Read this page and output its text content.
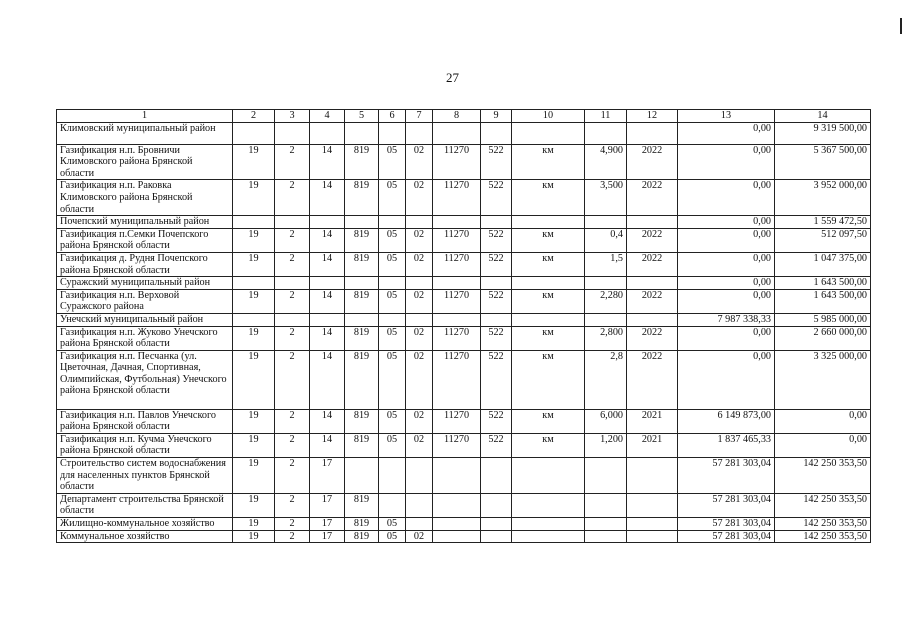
27
1	2	3	4	5	6	7	8	9	10	11	12	13	14
Климовский муниципальный район												0,00	9 319 500,00
Газификация н.п. Бровничи Климовского района Брянской области	19	2	14	819	05	02	11270	522	км	4,900	2022	0,00	5 367 500,00
Газификация н.п. Раковка Климовского района Брянской области	19	2	14	819	05	02	11270	522	км	3,500	2022	0,00	3 952 000,00
Почепский муниципальный район												0,00	1 559 472,50
Газификация п.Семки Почепского района Брянской области	19	2	14	819	05	02	11270	522	км	0,4	2022	0,00	512 097,50
Газификация д. Рудня Почепского района Брянской области	19	2	14	819	05	02	11270	522	км	1,5	2022	0,00	1 047 375,00
Суражский муниципальный район												0,00	1 643 500,00
Газификация н.п. Верховой Суражского района	19	2	14	819	05	02	11270	522	км	2,280	2022	0,00	1 643 500,00
Унечский муниципальный район												7 987 338,33	5 985 000,00
Газификация н.п. Жуково Унечского района Брянской области	19	2	14	819	05	02	11270	522	км	2,800	2022	0,00	2 660 000,00
Газификация н.п. Песчанка (ул. Цветочная, Дачная, Спортивная, Олимпийская, Футбольная) Унечского района Брянской области	19	2	14	819	05	02	11270	522	км	2,8	2022	0,00	3 325 000,00
Газификация н.п. Павлов Унечского района Брянской области	19	2	14	819	05	02	11270	522	км	6,000	2021	6 149 873,00	0,00
Газификация н.п. Кучма Унечского района Брянской области	19	2	14	819	05	02	11270	522	км	1,200	2021	1 837 465,33	0,00
Строительство систем водоснабжения для населенных пунктов Брянской области	19	2	17									57 281 303,04	142 250 353,50
Департамент строительства Брянской области	19	2	17	819								57 281 303,04	142 250 353,50
Жилищно-коммунальное хозяйство	19	2	17	819	05							57 281 303,04	142 250 353,50
Коммунальное хозяйство	19	2	17	819	05	02						57 281 303,04	142 250 353,50
